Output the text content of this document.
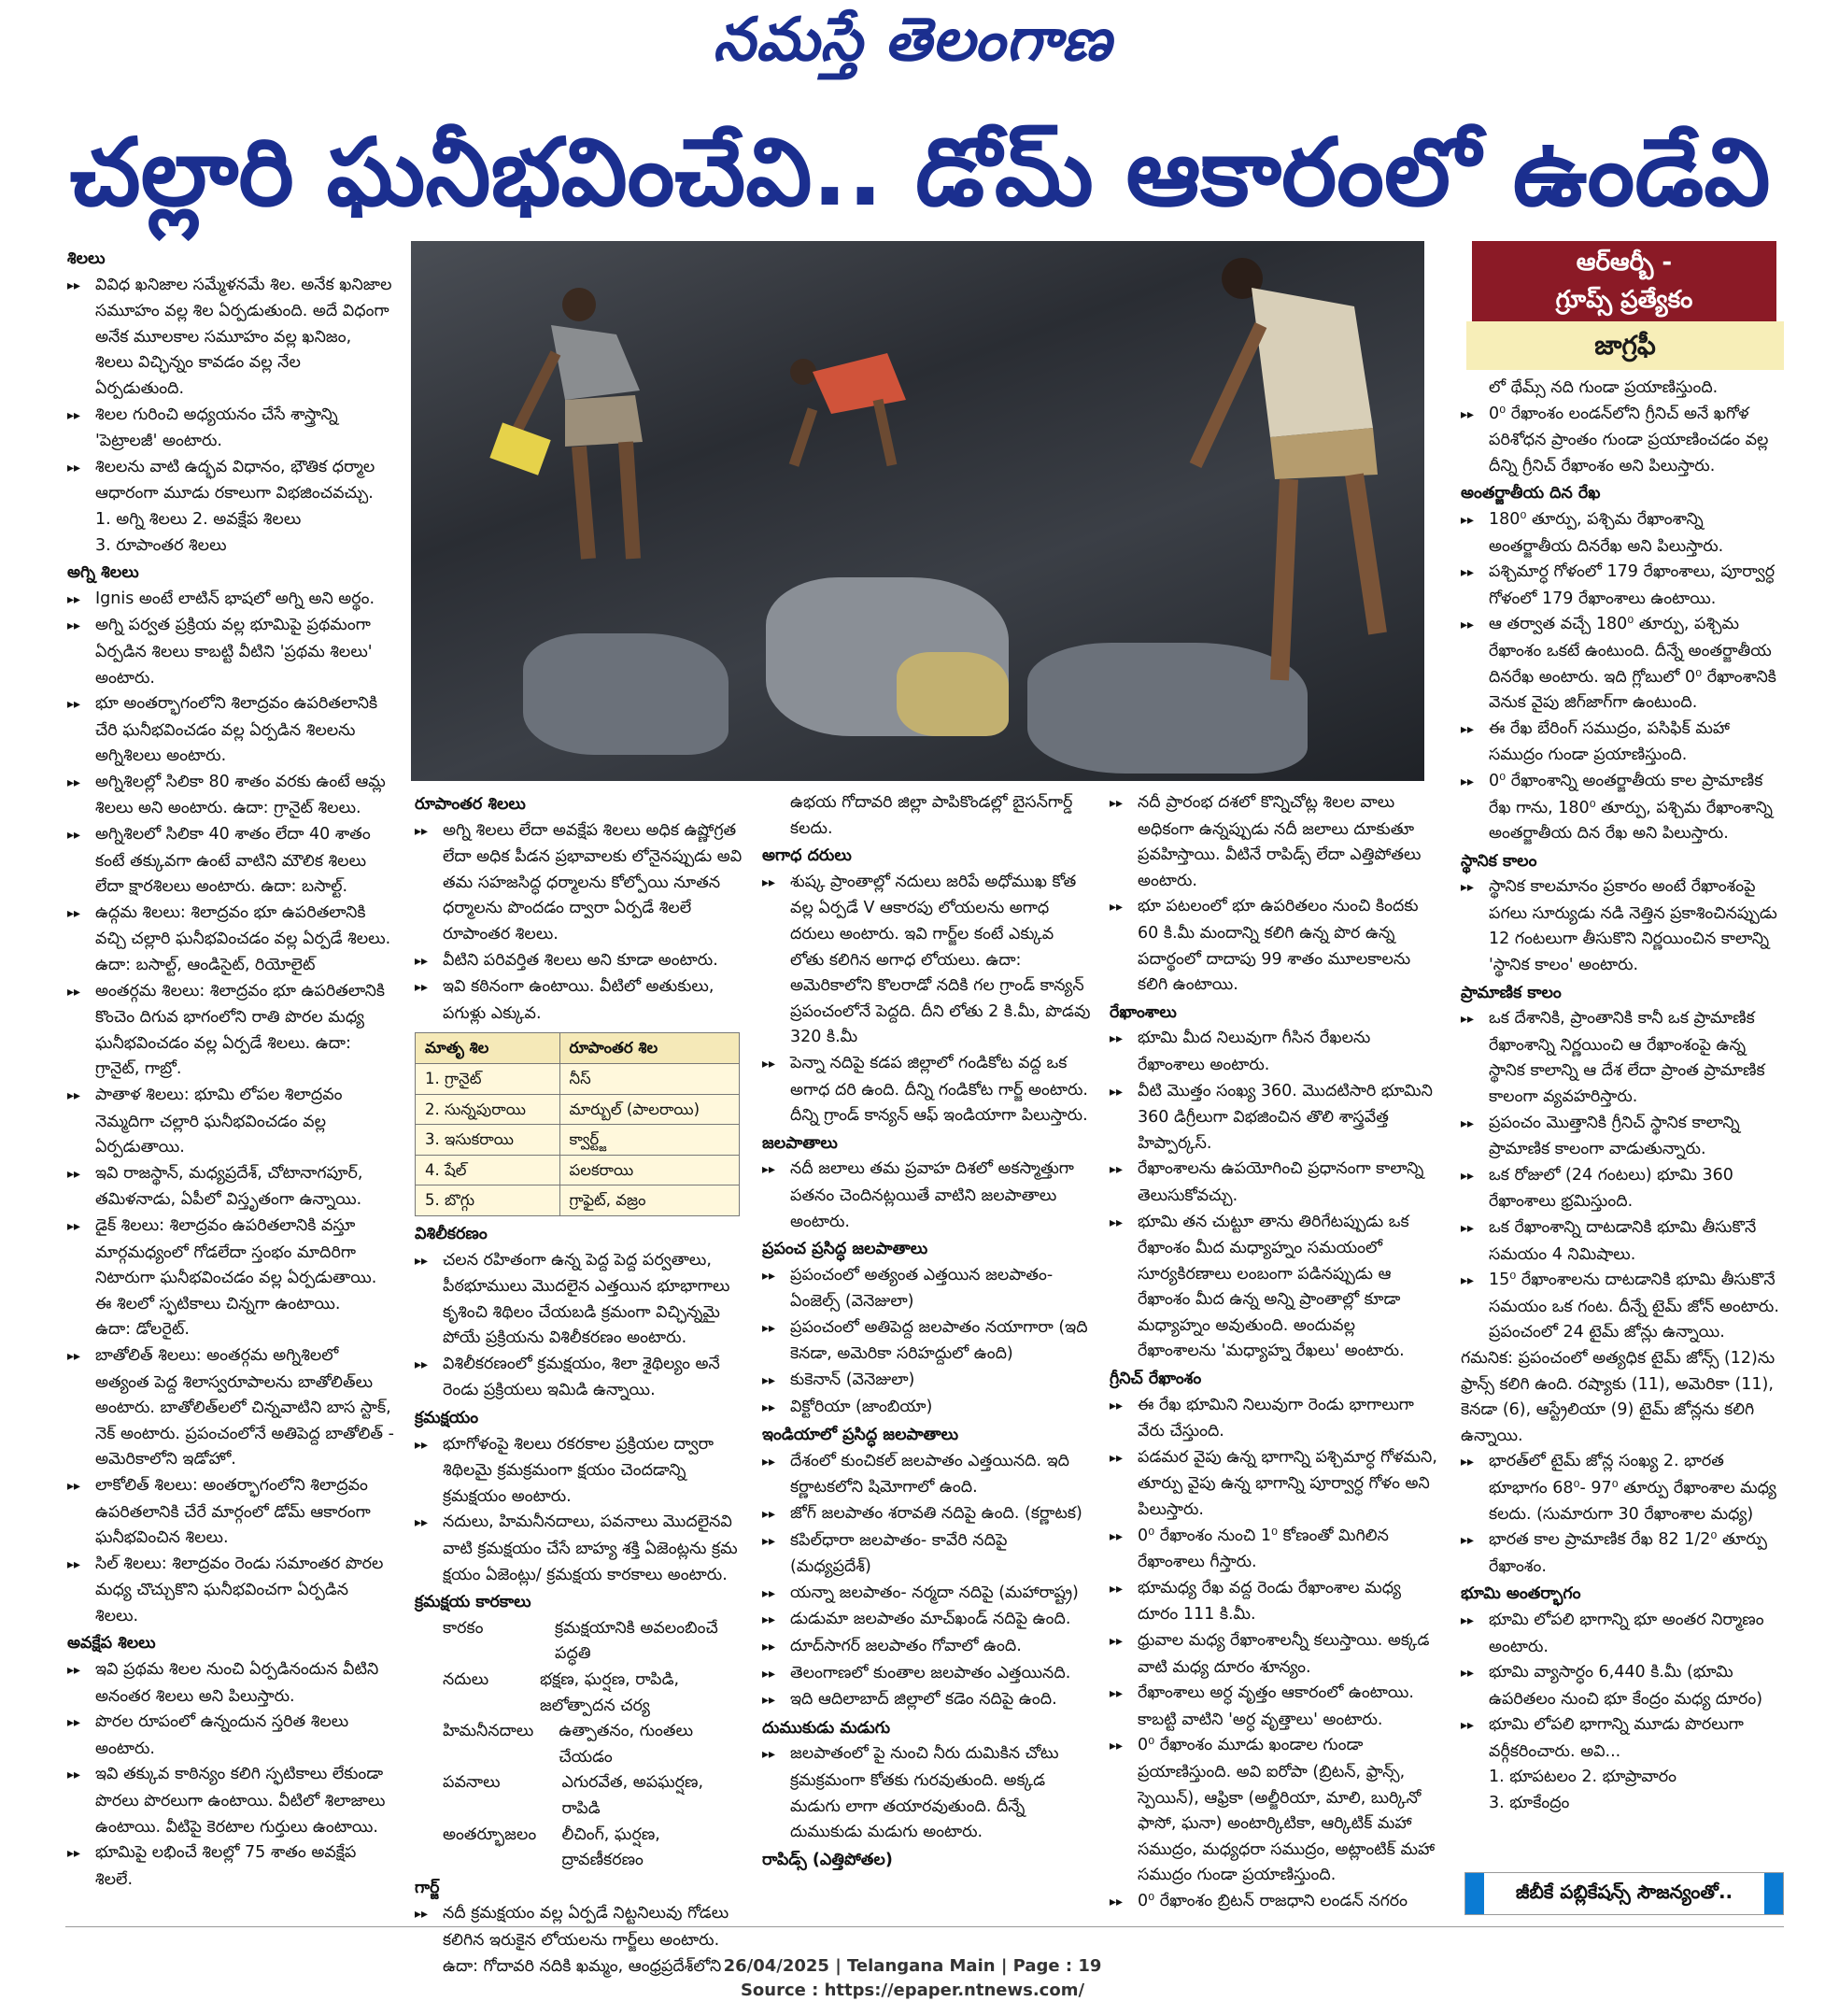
నమస్తే తెలంగాణ
చల్లారి ఘనీభవించేవి.. డోమ్ ఆకారంలో ఉండేవి

శిలలు

▸▸ వివిధ ఖనిజాల సమ్మేళనమే శిల. అనేక ఖనిజాల సమూహం వల్ల శిల ఏర్పడుతుంది. అదే విధంగా అనేక మూలకాల సమూహం వల్ల ఖనిజం, శిలలు విచ్ఛిన్నం కావడం వల్ల నేల ఏర్పడుతుంది.

▸▸ శిలల గురించి అధ్యయనం చేసే శాస్త్రాన్ని 'పెట్రాలజీ' అంటారు.

▸▸ శిలలను వాటి ఉద్భవ విధానం, భౌతిక ధర్మాల ఆధారంగా మూడు రకాలుగా విభజించవచ్చు.

1. అగ్ని శిలలు 2. అవక్షేప శిలలు

3. రూపాంతర శిలలు

అగ్ని శిలలు

▸▸ Ignis అంటే లాటిన్ భాషలో అగ్ని అని అర్థం.

▸▸ అగ్ని పర్వత ప్రక్రియ వల్ల భూమిపై ప్రథమంగా ఏర్పడిన శిలలు కాబట్టి వీటిని 'ప్రథమ శిలలు' అంటారు.

▸▸ భూ అంతర్భాగంలోని శిలాద్రవం ఉపరితలానికి చేరి ఘనీభవించడం వల్ల ఏర్పడిన శిలలను అగ్నిశిలలు అంటారు.

▸▸ అగ్నిశిలల్లో సిలికా 80 శాతం వరకు ఉంటే ఆమ్ల శిలలు అని అంటారు. ఉదా: గ్రానైట్ శిలలు.

▸▸ అగ్నిశిలలో సిలికా 40 శాతం లేదా 40 శాతం కంటే తక్కువగా ఉంటే వాటిని మౌలిక శిలలు లేదా క్షారశిలలు అంటారు. ఉదా: బసాల్ట్.

▸▸ ఉద్గమ శిలలు: శిలాద్రవం భూ ఉపరితలానికి వచ్చి చల్లారి ఘనీభవించడం వల్ల ఏర్పడే శిలలు. ఉదా: బసాల్ట్, ఆండిసైట్, రియోలైట్

▸▸ అంతర్గమ శిలలు: శిలాద్రవం భూ ఉపరితలానికి కొంచెం దిగువ భాగంలోని రాతి పొరల మధ్య ఘనీభవించడం వల్ల ఏర్పడే శిలలు. ఉదా: గ్రానైట్, గాబ్రో.

▸▸ పాతాళ శిలలు: భూమి లోపల శిలాద్రవం నెమ్మదిగా చల్లారి ఘనీభవించడం వల్ల ఏర్పడుతాయి.

▸▸ ఇవి రాజస్థాన్, మధ్యప్రదేశ్, చోటానాగపూర్, తమిళనాడు, ఏపీలో విస్తృతంగా ఉన్నాయి.

▸▸ డైక్ శిలలు: శిలాద్రవం ఉపరితలానికి వస్తూ మార్గమధ్యంలో గోడలేదా స్తంభం మాదిరిగా నిటారుగా ఘనీభవించడం వల్ల ఏర్పడుతాయి. ఈ శిలలో స్ఫటికాలు చిన్నగా ఉంటాయి.

ఉదా: డోలరైట్.

▸▸ బాతోలిత్ శిలలు: అంతర్గమ అగ్నిశిలలో అత్యంత పెద్ద శిలాస్వరూపాలను బాతోలిత్‌లు అంటారు. బాతోలిత్‌లలో చిన్నవాటిని బాస స్టాక్, నెక్ అంటారు. ప్రపంచంలోనే అతిపెద్ద బాతోలిత్ - అమెరికాలోని ఇడోహో.

▸▸ లాకోలిత్ శిలలు: అంతర్భాగంలోని శిలాద్రవం ఉపరితలానికి చేరే మార్గంలో డోమ్ ఆకారంగా ఘనీభవించిన శిలలు.

▸▸ సిల్ శిలలు: శిలాద్రవం రెండు సమాంతర పొరల మధ్య చొచ్చుకొని ఘనీభవించగా ఏర్పడిన శిలలు.

అవక్షేప శిలలు

▸▸ ఇవి ప్రథమ శిలల నుంచి ఏర్పడినందున వీటిని అనంతర శిలలు అని పిలుస్తారు.

▸▸ పొరల రూపంలో ఉన్నందున స్తరిత శిలలు అంటారు.

▸▸ ఇవి తక్కువ కాఠిన్యం కలిగి స్ఫటికాలు లేకుండా పొరలు పొరలుగా ఉంటాయి. వీటిలో శిలాజాలు ఉంటాయి. వీటిపై కెరటాల గుర్తులు ఉంటాయి.

▸▸ భూమిపై లభించే శిలల్లో 75 శాతం అవక్షేప శిలలే.

రూపాంతర శిలలు

▸▸ అగ్ని శిలలు లేదా అవక్షేప శిలలు అధిక ఉష్ణోగ్రత లేదా అధిక పీడన ప్రభావాలకు లోనైనప్పుడు అవి తమ సహజసిద్ధ ధర్మాలను కోల్పోయి నూతన ధర్మాలను పొందడం ద్వారా ఏర్పడే శిలలే రూపాంతర శిలలు.

▸▸ వీటిని పరివర్తిత శిలలు అని కూడా అంటారు.

▸▸ ఇవి కఠినంగా ఉంటాయి. వీటిలో అతుకులు, పగుళ్లు ఎక్కువ.

మాతృ శిల	రూపాంతర శిల
1. గ్రానైట్	నీస్
2. సున్నపురాయి	మార్బుల్ (పాలరాయి)
3. ఇసుకరాయి	క్వార్ట్జ్
4. షేల్	పలకరాయి
5. బొగ్గు	గ్రాఫైట్, వజ్రం

విశిలీకరణం

▸▸ చలన రహితంగా ఉన్న పెద్ద పెద్ద పర్వతాలు, పీఠభూములు మొదలైన ఎత్తయిన భూభాగాలు కృశించి శిథిలం చేయబడి క్రమంగా విచ్ఛిన్నమై పోయే ప్రక్రియను విశిలీకరణం అంటారు.

▸▸ విశిలీకరణంలో క్రమక్షయం, శిలా శైథిల్యం అనే రెండు ప్రక్రియలు ఇమిడి ఉన్నాయి.

క్రమక్షయం

▸▸ భూగోళంపై శిలలు రకరకాల ప్రక్రియల ద్వారా శిథిలమై క్రమక్రమంగా క్షయం చెందడాన్ని క్రమక్షయం అంటారు.

▸▸ నదులు, హిమనీనదాలు, పవనాలు మొదలైనవి వాటి క్రమక్షయం చేసే బాహ్య శక్తి ఏజెంట్లను క్రమ క్షయం ఏజెంట్లు/ క్రమక్షయ కారకాలు అంటారు.

క్రమక్షయ కారకాలు

కారకం	క్రమక్షయానికి అవలంబించే పద్ధతి
నదులు	భక్షణ, ఘర్షణ, రాపిడి, జలోత్పాదన చర్య
హిమనీనదాలు	ఉత్పాతనం, గుంతలు చేయడం
పవనాలు	ఎగురవేత, అపఘర్షణ, రాపిడి
అంతర్భూజలం	లీచింగ్, ఘర్షణ, ద్రావణీకరణం

గార్జ్

▸▸ నదీ క్రమక్షయం వల్ల ఏర్పడే నిట్టనిలువు గోడలు కలిగిన ఇరుకైన లోయలను గార్జ్‌లు అంటారు. ఉదా: గోదావరి నదికి ఖమ్మం, ఆంధ్రప్రదేశ్‌లోని

ఉభయ గోదావరి జిల్లా పాపికొండల్లో బైసన్‌గార్డ్ కలదు.

అగాధ దరులు

▸▸ శుష్క ప్రాంతాల్లో నదులు జరిపే అధోముఖ కోత వల్ల ఏర్పడే V ఆకారపు లోయలను అగాధ దరులు అంటారు. ఇవి గార్జ్‌ల కంటే ఎక్కువ లోతు కలిగిన అగాధ లోయలు. ఉదా: అమెరికాలోని కొలరాడో నదికి గల గ్రాండ్ కాన్యన్ ప్రపంచంలోనే పెద్దది. దీని లోతు 2 కి.మీ, పొడవు 320 కి.మీ

▸▸ పెన్నా నదిపై కడప జిల్లాలో గండికోట వద్ద ఒక అగాధ దరి ఉంది. దీన్ని గండికోట గార్జ్ అంటారు. దీన్ని గ్రాండ్ కాన్యన్ ఆఫ్ ఇండియాగా పిలుస్తారు.

జలపాతాలు

▸▸ నదీ జలాలు తమ ప్రవాహ దిశలో అకస్మాత్తుగా పతనం చెందినట్లయితే వాటిని జలపాతాలు అంటారు.

ప్రపంచ ప్రసిద్ధ జలపాతాలు

▸▸ ప్రపంచంలో అత్యంత ఎత్తయిన జలపాతం- ఏంజెల్స్ (వెనెజులా)

▸▸ ప్రపంచంలో అతిపెద్ద జలపాతం నయాగారా (ఇది కెనడా, అమెరికా సరిహద్దులో ఉంది)

▸▸ కుకెనాన్ (వెనెజులా)

▸▸ విక్టోరియా (జాంబియా)

ఇండియాలో ప్రసిద్ధ జలపాతాలు

▸▸ దేశంలో కుంచికల్ జలపాతం ఎత్తయినది. ఇది కర్ణాటకలోని షిమోగాలో ఉంది.

▸▸ జోగ్ జలపాతం శరావతి నదిపై ఉంది. (కర్ణాటక)

▸▸ కపిల్‌ధారా జలపాతం- కావేరి నదిపై (మధ్యప్రదేశ్)

▸▸ యన్నా జలపాతం- నర్మదా నదిపై (మహారాష్ట్ర)

▸▸ డుడుమా జలపాతం మాచ్‌ఖండ్ నదిపై ఉంది.

▸▸ దూద్‌సాగర్ జలపాతం గోవాలో ఉంది.

▸▸ తెలంగాణలో కుంతాల జలపాతం ఎత్తయినది.

▸▸ ఇది ఆదిలాబాద్ జిల్లాలో కడెం నదిపై ఉంది.

దుముకుడు మడుగు

▸▸ జలపాతంలో పై నుంచి నీరు దుమికిన చోటు క్రమక్రమంగా కోతకు గురవుతుంది. అక్కడ మడుగు లాగా తయారవుతుంది. దీన్నే దుముకుడు మడుగు అంటారు.

రాపిడ్స్ (ఎత్తిపోతల)

▸▸ నదీ ప్రారంభ దశలో కొన్నిచోట్ల శిలల వాలు అధికంగా ఉన్నప్పుడు నదీ జలాలు దూకుతూ ప్రవహిస్తాయి. వీటినే రాపిడ్స్ లేదా ఎత్తిపోతలు అంటారు.

▸▸ భూ పటలంలో భూ ఉపరితలం నుంచి కిందకు 60 కి.మీ మందాన్ని కలిగి ఉన్న పొర ఉన్న పదార్థంలో దాదాపు 99 శాతం మూలకాలను కలిగి ఉంటాయి.

రేఖాంశాలు

▸▸ భూమి మీద నిలువుగా గీసిన రేఖలను రేఖాంశాలు అంటారు.

▸▸ వీటి మొత్తం సంఖ్య 360. మొదటిసారి భూమిని 360 డిగ్రీలుగా విభజించిన తొలి శాస్త్రవేత్త హిప్పార్కస్.

▸▸ రేఖాంశాలను ఉపయోగించి ప్రధానంగా కాలాన్ని తెలుసుకోవచ్చు.

▸▸ భూమి తన చుట్టూ తాను తిరిగేటప్పుడు ఒక రేఖాంశం మీద మధ్యాహ్నం సమయంలో సూర్యకిరణాలు లంబంగా పడినప్పుడు ఆ రేఖాంశం మీద ఉన్న అన్ని ప్రాంతాల్లో కూడా మధ్యాహ్నం అవుతుంది. అందువల్ల రేఖాంశాలను 'మధ్యాహ్న రేఖలు' అంటారు.

గ్రీనిచ్ రేఖాంశం

▸▸ ఈ రేఖ భూమిని నిలువుగా రెండు భాగాలుగా వేరు చేస్తుంది.

▸▸ పడమర వైపు ఉన్న భాగాన్ని పశ్చిమార్ధ గోళమని, తూర్పు వైపు ఉన్న భాగాన్ని పూర్వార్ధ గోళం అని పిలుస్తారు.

▸▸ 0⁰ రేఖాంశం నుంచి 1⁰ కోణంతో మిగిలిన రేఖాంశాలు గీస్తారు.

▸▸ భూమధ్య రేఖ వద్ద రెండు రేఖాంశాల మధ్య దూరం 111 కి.మీ.

▸▸ ధ్రువాల మధ్య రేఖాంశాలన్నీ కలుస్తాయి. అక్కడ వాటి మధ్య దూరం శూన్యం.

▸▸ రేఖాంశాలు అర్ధ వృత్తం ఆకారంలో ఉంటాయి. కాబట్టి వాటిని 'అర్ధ వృత్తాలు' అంటారు.

▸▸ 0⁰ రేఖాంశం మూడు ఖండాల గుండా ప్రయాణిస్తుంది. అవి ఐరోపా (బ్రిటన్, ఫ్రాన్స్, స్పెయిన్), ఆఫ్రికా (అల్జీరియా, మాలి, బుర్కినో ఫాసో, ఘనా) అంటార్కిటికా, ఆర్కిటిక్ మహా సముద్రం, మధ్యధరా సముద్రం, అట్లాంటిక్ మహా సముద్రం గుండా ప్రయాణిస్తుంది.

▸▸ 0⁰ రేఖాంశం బ్రిటన్ రాజధాని లండన్ నగరం

ఆర్ఆర్బీ -
గ్రూప్స్ ప్రత్యేకం
జాగ్రఫీ

లో థేమ్స్ నది గుండా ప్రయాణిస్తుంది.

▸▸ 0⁰ రేఖాంశం లండన్‌లోని గ్రీనిచ్ అనే ఖగోళ పరిశోధన ప్రాంతం గుండా ప్రయాణించడం వల్ల దీన్ని గ్రీనిచ్ రేఖాంశం అని పిలుస్తారు.

అంతర్జాతీయ దిన రేఖ

▸▸ 180⁰ తూర్పు, పశ్చిమ రేఖాంశాన్ని అంతర్జాతీయ దినరేఖ అని పిలుస్తారు.

▸▸ పశ్చిమార్ధ గోళంలో 179 రేఖాంశాలు, పూర్వార్ధ గోళంలో 179 రేఖాంశాలు ఉంటాయి.

▸▸ ఆ తర్వాత వచ్చే 180⁰ తూర్పు, పశ్చిమ రేఖాంశం ఒకటే ఉంటుంది. దీన్నే అంతర్జాతీయ దినరేఖ అంటారు. ఇది గ్లోబులో 0⁰ రేఖాంశానికి వెనుక వైపు జిగ్‌జాగ్‌గా ఉంటుంది.

▸▸ ఈ రేఖ బేరింగ్ సముద్రం, పసిఫిక్ మహా సముద్రం గుండా ప్రయాణిస్తుంది.

▸▸ 0⁰ రేఖాంశాన్ని అంతర్జాతీయ కాల ప్రామాణిక రేఖ గాను, 180⁰ తూర్పు, పశ్చిమ రేఖాంశాన్ని అంతర్జాతీయ దిన రేఖ అని పిలుస్తారు.

స్థానిక కాలం

▸▸ స్థానిక కాలమానం ప్రకారం అంటే రేఖాంశంపై పగలు సూర్యుడు నడి నెత్తిన ప్రకాశించినప్పుడు 12 గంటలుగా తీసుకొని నిర్ణయించిన కాలాన్ని 'స్థానిక కాలం' అంటారు.

ప్రామాణిక కాలం

▸▸ ఒక దేశానికి, ప్రాంతానికి కానీ ఒక ప్రామాణిక రేఖాంశాన్ని నిర్ణయించి ఆ రేఖాంశంపై ఉన్న స్థానిక కాలాన్ని ఆ దేశ లేదా ప్రాంత ప్రామాణిక కాలంగా వ్యవహరిస్తారు.

▸▸ ప్రపంచం మొత్తానికి గ్రీనిచ్ స్థానిక కాలాన్ని ప్రామాణిక కాలంగా వాడుతున్నారు.

▸▸ ఒక రోజులో (24 గంటలు) భూమి 360 రేఖాంశాలు భ్రమిస్తుంది.

▸▸ ఒక రేఖాంశాన్ని దాటడానికి భూమి తీసుకొనే సమయం 4 నిమిషాలు.

▸▸ 15⁰ రేఖాంశాలను దాటడానికి భూమి తీసుకొనే సమయం ఒక గంట. దీన్నే టైమ్ జోన్ అంటారు. ప్రపంచంలో 24 టైమ్ జోన్లు ఉన్నాయి.

గమనిక: ప్రపంచంలో అత్యధిక టైమ్ జోన్స్ (12)ను ఫ్రాన్స్ కలిగి ఉంది. రష్యాకు (11), అమెరికా (11), కెనడా (6), ఆస్ట్రేలియా (9) టైమ్ జోన్లను కలిగి ఉన్నాయి.

▸▸ భారత్‌లో టైమ్ జోన్ల సంఖ్య 2. భారత భూభాగం 68⁰- 97⁰ తూర్పు రేఖాంశాల మధ్య కలదు. (సుమారుగా 30 రేఖాంశాల మధ్య)

▸▸ భారత కాల ప్రామాణిక రేఖ 82 1/2⁰ తూర్పు రేఖాంశం.

భూమి అంతర్భాగం

▸▸ భూమి లోపలి భాగాన్ని భూ అంతర నిర్మాణం అంటారు.

▸▸ భూమి వ్యాసార్ధం 6,440 కి.మీ (భూమి ఉపరితలం నుంచి భూ కేంద్రం మధ్య దూరం)

▸▸ భూమి లోపలి భాగాన్ని మూడు పొరలుగా వర్గీకరించారు. అవి...

1. భూపటలం 2. భూప్రావారం

3. భూకేంద్రం

జీబీకే పబ్లికేషన్స్ సౌజన్యంతో..
26/04/2025 | Telangana Main | Page : 19
Source : https://epaper.ntnews.com/
